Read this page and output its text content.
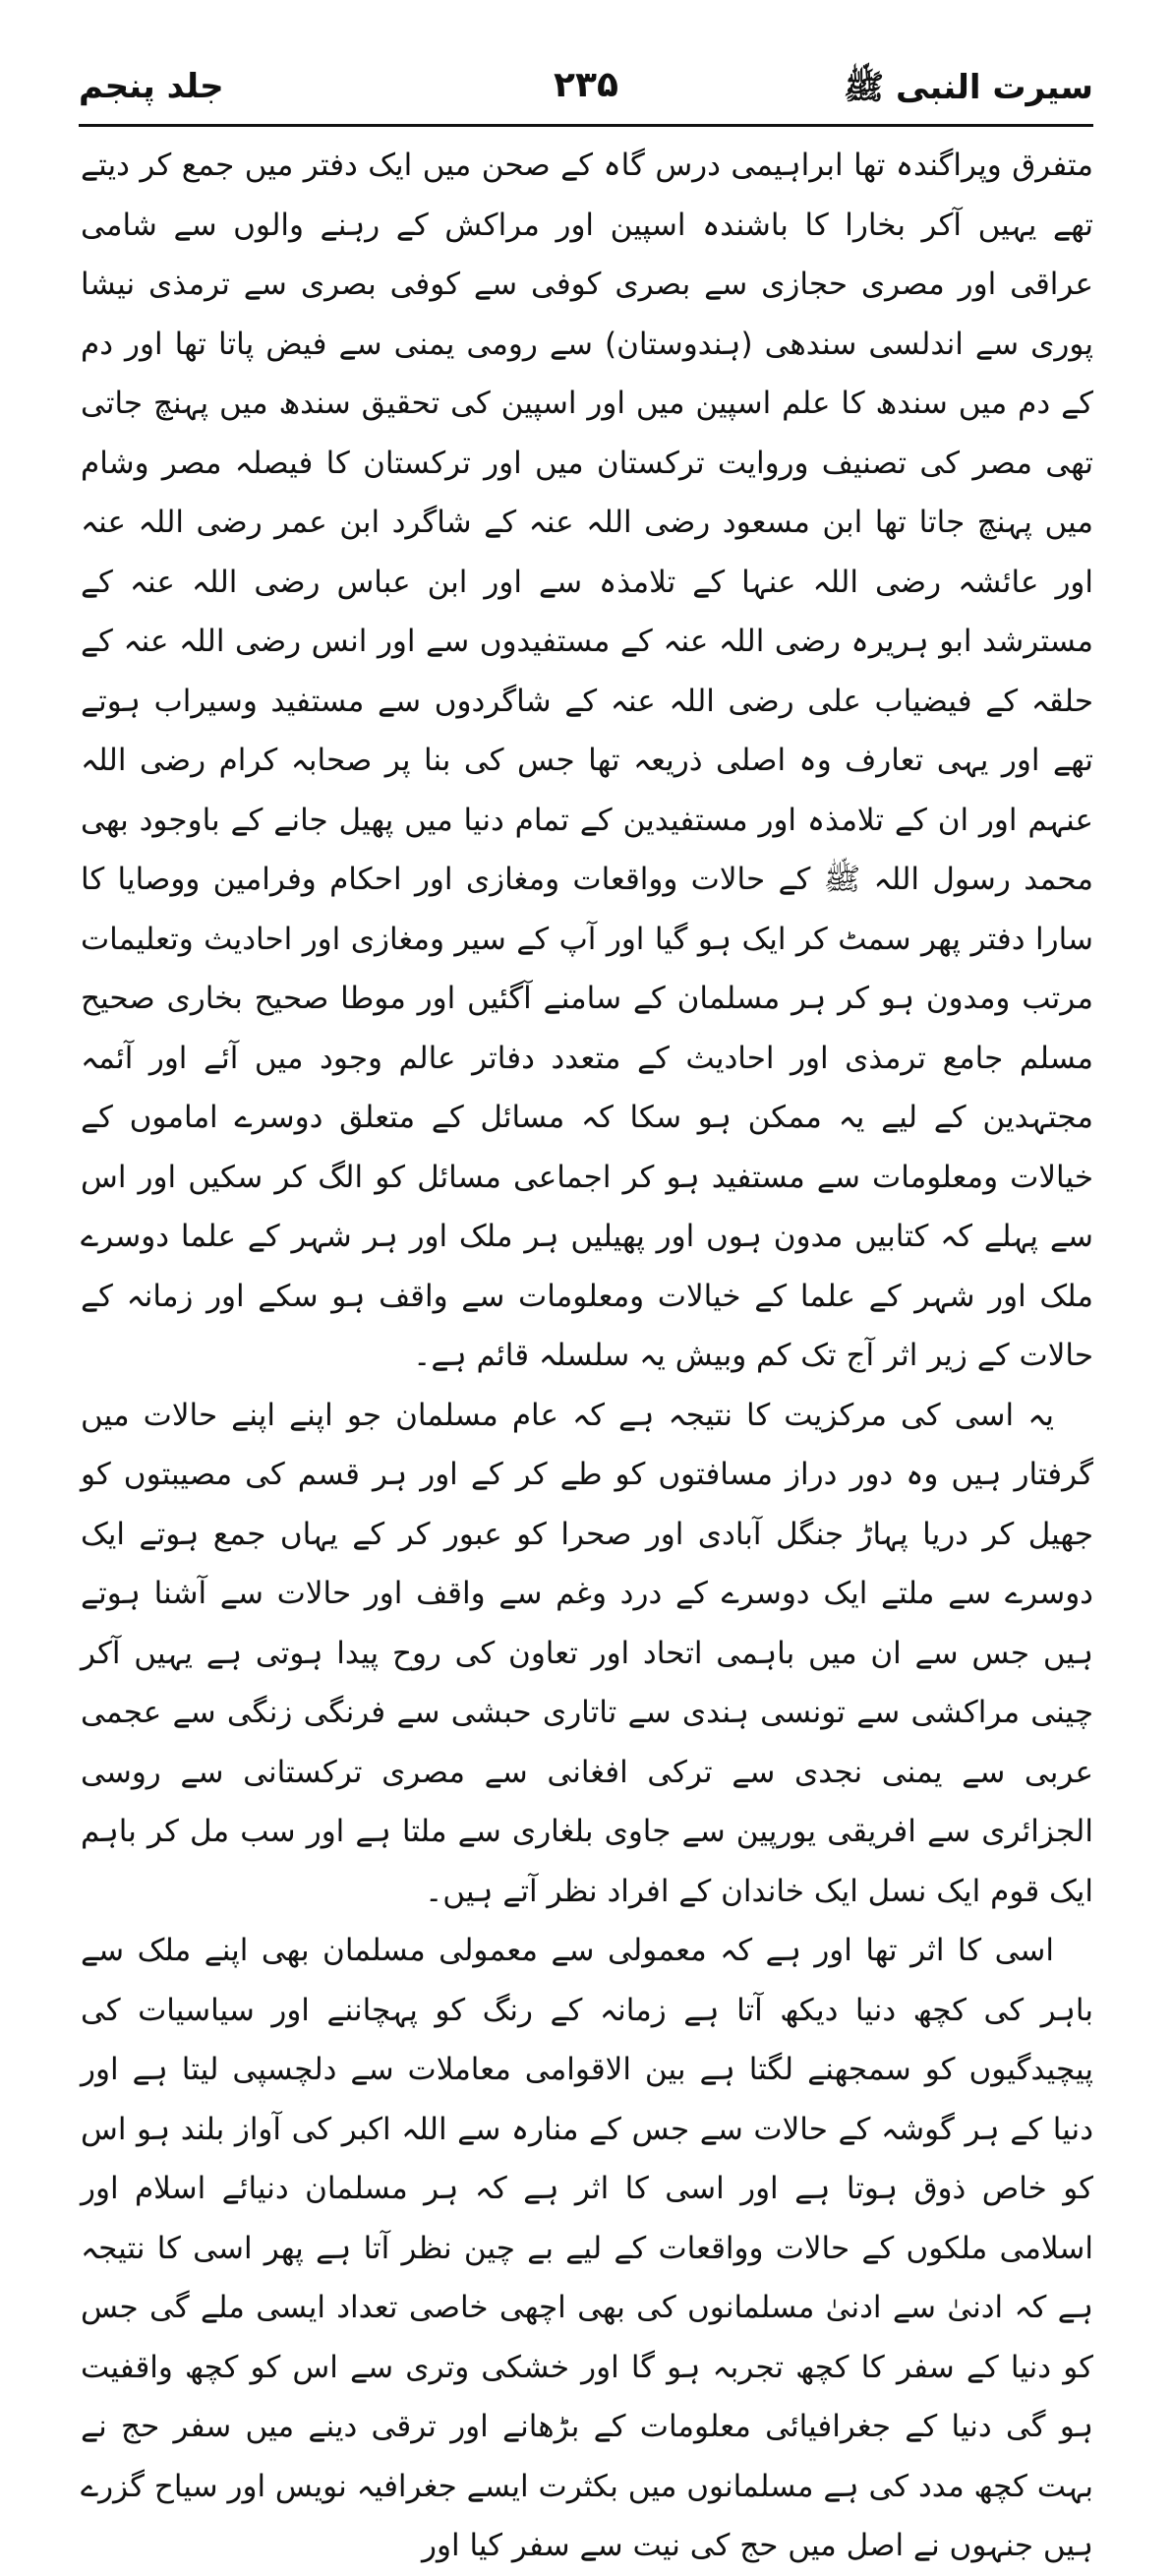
سیرت النبی ﷺ
۲۳۵
جلد پنجم

متفرق وپراگندہ تھا ابراہیمی درس گاہ کے صحن میں ایک دفتر میں جمع کر دیتے تھے یہیں آکر بخارا کا باشندہ اسپین اور مراکش کے رہنے والوں سے شامی عراقی اور مصری حجازی سے بصری کوفی سے کوفی بصری سے ترمذی نیشا پوری سے اندلسی سندھی (ہندوستان) سے رومی یمنی سے فیض پاتا تھا اور دم کے دم میں سندھ کا علم اسپین میں اور اسپین کی تحقیق سندھ میں پہنچ جاتی تھی مصر کی تصنیف وروایت ترکستان میں اور ترکستان کا فیصلہ مصر وشام میں پہنچ جاتا تھا ابن مسعود رضی اللہ عنہ کے شاگرد ابن عمر رضی اللہ عنہ اور عائشہ رضی اللہ عنہا کے تلامذہ سے اور ابن عباس رضی اللہ عنہ کے مسترشد ابو ہریرہ رضی اللہ عنہ کے مستفیدوں سے اور انس رضی اللہ عنہ کے حلقہ کے فیضیاب علی رضی اللہ عنہ کے شاگردوں سے مستفید وسیراب ہوتے تھے اور یہی تعارف وہ اصلی ذریعہ تھا جس کی بنا پر صحابہ کرام رضی اللہ عنہم اور ان کے تلامذہ اور مستفیدین کے تمام دنیا میں پھیل جانے کے باوجود بھی محمد رسول اللہ ﷺ کے حالات وواقعات ومغازی اور احکام وفرامین ووصایا کا سارا دفتر پھر سمٹ کر ایک ہو گیا اور آپ کے سیر ومغازی اور احادیث وتعلیمات مرتب ومدون ہو کر ہر مسلمان کے سامنے آگئیں اور موطا صحیح بخاری صحیح مسلم جامع ترمذی اور احادیث کے متعدد دفاتر عالم وجود میں آئے اور آئمہ مجتہدین کے لیے یہ ممکن ہو سکا کہ مسائل کے متعلق دوسرے اماموں کے خیالات ومعلومات سے مستفید ہو کر اجماعی مسائل کو الگ کر سکیں اور اس سے پہلے کہ کتابیں مدون ہوں اور پھیلیں ہر ملک اور ہر شہر کے علما دوسرے ملک اور شہر کے علما کے خیالات ومعلومات سے واقف ہو سکے اور زمانہ کے حالات کے زیر اثر آج تک کم وبیش یہ سلسلہ قائم ہے۔

یہ اسی کی مرکزیت کا نتیجہ ہے کہ عام مسلمان جو اپنے اپنے حالات میں گرفتار ہیں وہ دور دراز مسافتوں کو طے کر کے اور ہر قسم کی مصیبتوں کو جھیل کر دریا پہاڑ جنگل آبادی اور صحرا کو عبور کر کے یہاں جمع ہوتے ایک دوسرے سے ملتے ایک دوسرے کے درد وغم سے واقف اور حالات سے آشنا ہوتے ہیں جس سے ان میں باہمی اتحاد اور تعاون کی روح پیدا ہوتی ہے یہیں آکر چینی مراکشی سے تونسی ہندی سے تاتاری حبشی سے فرنگی زنگی سے عجمی عربی سے یمنی نجدی سے ترکی افغانی سے مصری ترکستانی سے روسی الجزائری سے افریقی یورپین سے جاوی بلغاری سے ملتا ہے اور سب مل کر باہم ایک قوم ایک نسل ایک خاندان کے افراد نظر آتے ہیں۔

اسی کا اثر تھا اور ہے کہ معمولی سے معمولی مسلمان بھی اپنے ملک سے باہر کی کچھ دنیا دیکھ آتا ہے زمانہ کے رنگ کو پہچاننے اور سیاسیات کی پیچیدگیوں کو سمجھنے لگتا ہے بین الاقوامی معاملات سے دلچسپی لیتا ہے اور دنیا کے ہر گوشہ کے حالات سے جس کے منارہ سے اللہ اکبر کی آواز بلند ہو اس کو خاص ذوق ہوتا ہے اور اسی کا اثر ہے کہ ہر مسلمان دنیائے اسلام اور اسلامی ملکوں کے حالات وواقعات کے لیے بے چین نظر آتا ہے پھر اسی کا نتیجہ ہے کہ ادنیٰ سے ادنیٰ مسلمانوں کی بھی اچھی خاصی تعداد ایسی ملے گی جس کو دنیا کے سفر کا کچھ تجربہ ہو گا اور خشکی وتری سے اس کو کچھ واقفیت ہو گی دنیا کے جغرافیائی معلومات کے بڑھانے اور ترقی دینے میں سفر حج نے بہت کچھ مدد کی ہے مسلمانوں میں بکثرت ایسے جغرافیہ نویس اور سیاح گزرے ہیں جنہوں نے اصل میں حج کی نیت سے سفر کیا اور
